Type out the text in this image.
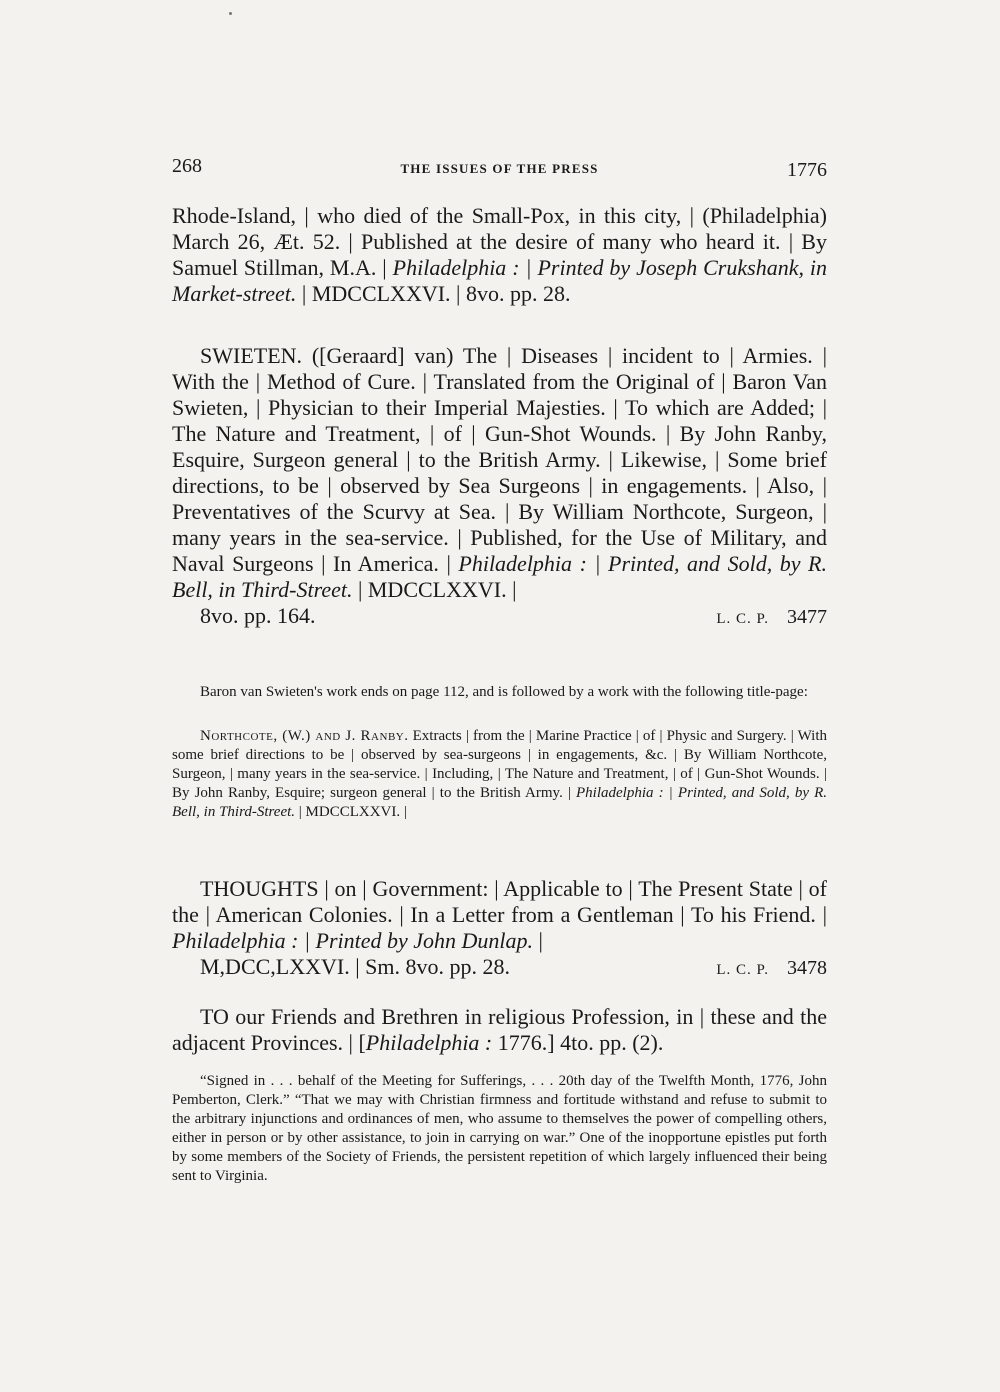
268	THE ISSUES OF THE PRESS	1776
Rhode-Island, | who died of the Small-Pox, in this city, | (Philadelphia) March 26, Æt. 52. | Published at the desire of many who heard it. | By Samuel Stillman, M.A. | Philadelphia : | Printed by Joseph Crukshank, in Market-street. | MDCCLXXVI. | 8vo. pp. 28.
SWIETEN. ([Geraard] van) The | Diseases | incident to | Armies. | With the | Method of Cure. | Translated from the Original of | Baron Van Swieten, | Physician to their Imperial Majesties. | To which are Added; | The Nature and Treatment, | of | Gun-Shot Wounds. | By John Ranby, Esquire, Surgeon general | to the British Army. | Likewise, | Some brief directions, to be | observed by Sea Surgeons | in engagements. | Also, | Preventatives of the Scurvy at Sea. | By William Northcote, Surgeon, | many years in the sea-service. | Published, for the Use of Military, and Naval Surgeons | In America. | Philadelphia : | Printed, and Sold, by R. Bell, in Third-Street. | MDCCLXXVI. |
8vo. pp. 164.	L. C. P. 3477
Baron van Swieten's work ends on page 112, and is followed by a work with the following title-page:
Northcote, (W.) and J. Ranby. Extracts | from the | Marine Practice | of | Physic and Surgery. | With some brief directions to be | observed by sea-surgeons | in engagements, &c. | By William Northcote, Surgeon, | many years in the sea-service. | Including, | The Nature and Treatment, | of | Gun-Shot Wounds. | By John Ranby, Esquire; surgeon general | to the British Army. | Philadelphia : | Printed, and Sold, by R. Bell, in Third-Street. | MDCCLXXVI. |
THOUGHTS | on | Government: | Applicable to | The Present State | of the | American Colonies. | In a Letter from a Gentleman | To his Friend. | Philadelphia : | Printed by John Dunlap. |
M,DCC,LXXVI. | Sm. 8vo. pp. 28.	L. C. P. 3478
TO our Friends and Brethren in religious Profession, in | these and the adjacent Provinces. | [Philadelphia : 1776.] 4to. pp. (2).
“Signed in . . . behalf of the Meeting for Sufferings, . . . 20th day of the Twelfth Month, 1776, John Pemberton, Clerk.” “That we may with Christian firmness and fortitude withstand and refuse to submit to the arbitrary injunctions and ordinances of men, who assume to themselves the power of compelling others, either in person or by other assistance, to join in carrying on war.” One of the inopportune epistles put forth by some members of the Society of Friends, the persistent repetition of which largely influenced their being sent to Virginia.
